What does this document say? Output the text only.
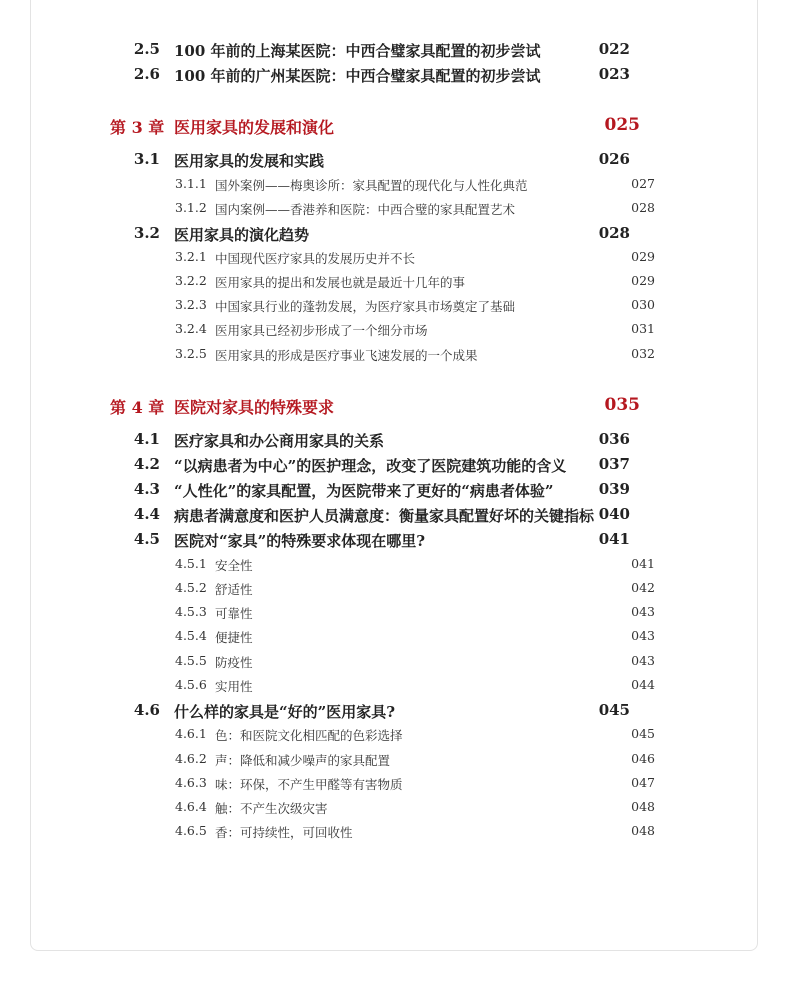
2.5 100 年前的上海某医院：中西合璧家具配置的初步尝试	022
2.6 100 年前的广州某医院：中西合璧家具配置的初步尝试	023
第 3 章 医用家具的发展和演化	025
3.1 医用家具的发展和实践	026
3.1.1 国外案例——梅奥诊所：家具配置的现代化与人性化典范	027
3.1.2 国内案例——香港养和医院：中西合璧的家具配置艺术	028
3.2 医用家具的演化趋势	028
3.2.1 中国现代医疗家具的发展历史并不长	029
3.2.2 医用家具的提出和发展也就是最近十几年的事	029
3.2.3 中国家具行业的蓬勃发展，为医疗家具市场奠定了基础	030
3.2.4 医用家具已经初步形成了一个细分市场	031
3.2.5 医用家具的形成是医疗事业飞速发展的一个成果	032
第 4 章 医院对家具的特殊要求	035
4.1 医疗家具和办公商用家具的关系	036
4.2 “以病患者为中心”的医护理念，改变了医院建筑功能的含义	037
4.3 “人性化”的家具配置，为医院带来了更好的“病患者体验”	039
4.4 病患者满意度和医护人员满意度：衡量家具配置好坏的关键指标 040
4.5 医院对“家具”的特殊要求体现在哪里?	041
4.5.1 安全性	041
4.5.2 舒适性	042
4.5.3 可靠性	043
4.5.4 便捷性	043
4.5.5 防疫性	043
4.5.6 实用性	044
4.6 什么样的家具是“好的”医用家具?	045
4.6.1 色：和医院文化相匹配的色彩选择	045
4.6.2 声：降低和减少噪声的家具配置	046
4.6.3 味：环保，不产生甲醛等有害物质	047
4.6.4 触：不产生次级灾害	048
4.6.5 香：可持续性，可回收性	048
